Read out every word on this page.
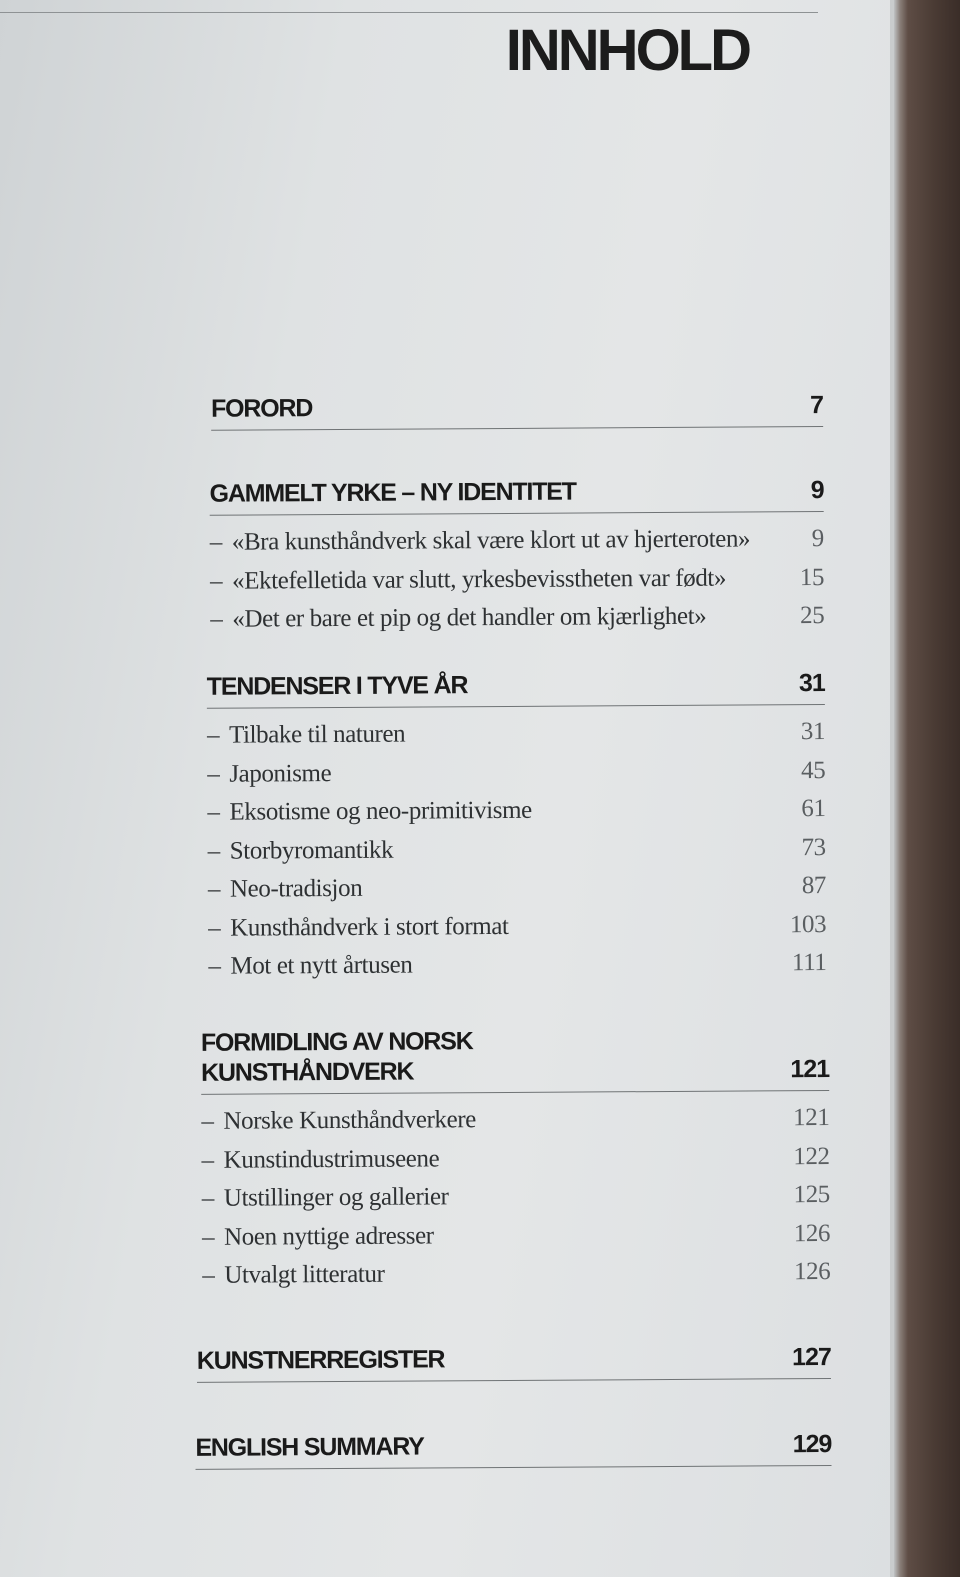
INNHOLD
FORORD	7
GAMMELT YRKE – NY IDENTITET	9
– «Bra kunsthåndverk skal være klort ut av hjerteroten» 9
– «Ektefelletida var slutt, yrkesbevisstheten var født»	15
– «Det er bare et pip og det handler om kjærlighet»	25
TENDENSER I TYVE ÅR	31
– Tilbake til naturen	31
– Japonisme	45
– Eksotisme og neo-primitivisme	61
– Storbyromantikk	73
– Neo-tradisjon	87
– Kunsthåndverk i stort format	103
– Mot et nytt årtusen	111
FORMIDLING AV NORSK
KUNSTHÅNDVERK	121
– Norske Kunsthåndverkere	121
– Kunstindustrimuseene	122
– Utstillinger og gallerier	125
– Noen nyttige adresser	126
– Utvalgt litteratur	126
KUNSTNERREGISTER	127
ENGLISH SUMMARY	129
